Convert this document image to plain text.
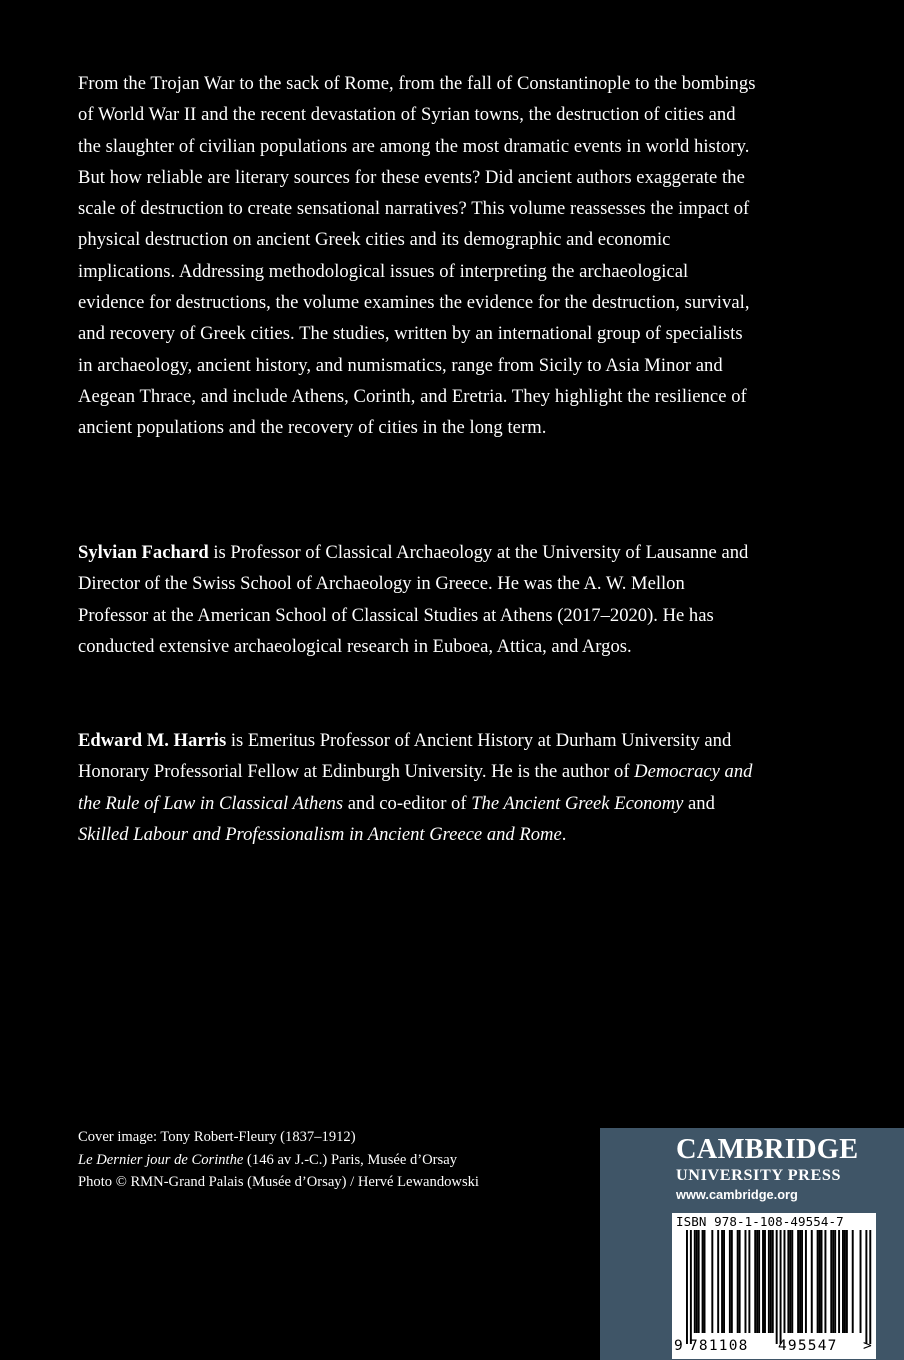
From the Trojan War to the sack of Rome, from the fall of Constantinople to the bombings of World War II and the recent devastation of Syrian towns, the destruction of cities and the slaughter of civilian populations are among the most dramatic events in world history. But how reliable are literary sources for these events? Did ancient authors exaggerate the scale of destruction to create sensational narratives? This volume reassesses the impact of physical destruction on ancient Greek cities and its demographic and economic implications. Addressing methodological issues of interpreting the archaeological evidence for destructions, the volume examines the evidence for the destruction, survival, and recovery of Greek cities. The studies, written by an international group of specialists in archaeology, ancient history, and numismatics, range from Sicily to Asia Minor and Aegean Thrace, and include Athens, Corinth, and Eretria. They highlight the resilience of ancient populations and the recovery of cities in the long term.

Sylvian Fachard is Professor of Classical Archaeology at the University of Lausanne and Director of the Swiss School of Archaeology in Greece. He was the A. W. Mellon Professor at the American School of Classical Studies at Athens (2017–2020). He has conducted extensive archaeological research in Euboea, Attica, and Argos.

Edward M. Harris is Emeritus Professor of Ancient History at Durham University and Honorary Professorial Fellow at Edinburgh University. He is the author of Democracy and the Rule of Law in Classical Athens and co-editor of The Ancient Greek Economy and Skilled Labour and Professionalism in Ancient Greece and Rome.

Cover image: Tony Robert-Fleury (1837–1912)
Le Dernier jour de Corinthe (146 av J.-C.) Paris, Musée d’Orsay
Photo © RMN-Grand Palais (Musée d’Orsay) / Hervé Lewandowski
CAMBRIDGE
UNIVERSITY PRESS
www.cambridge.org
ISBN 978-1-108-49554-7
9 781108 495547 >
